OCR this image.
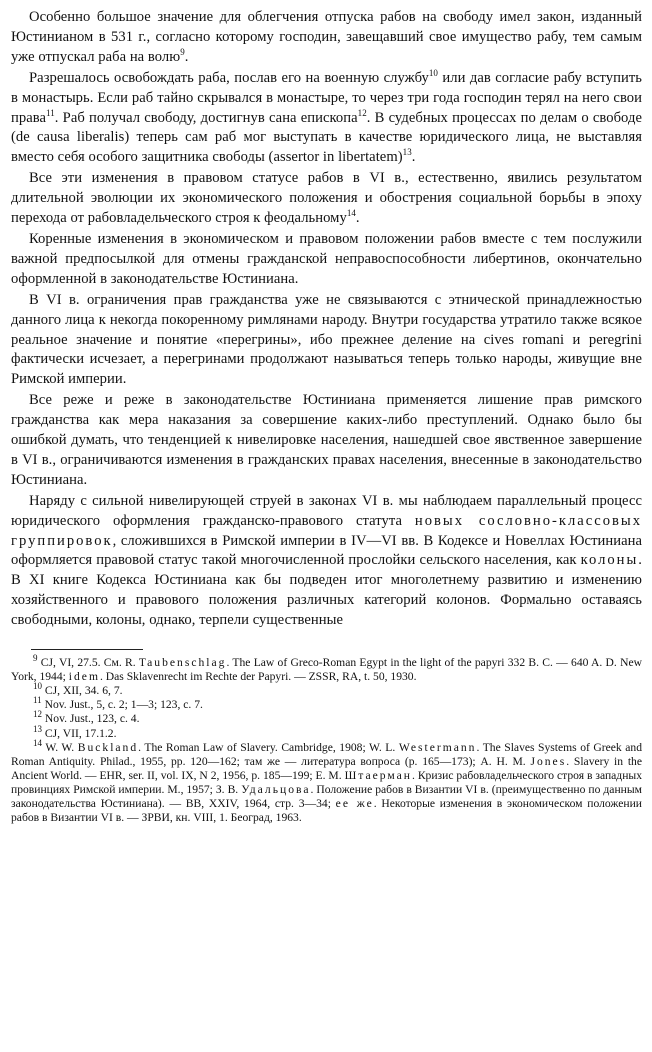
Особенно большое значение для облегчения отпуска рабов на свободу имел закон, изданный Юстинианом в 531 г., согласно которому господин, завещавший свое имущество рабу, тем самым уже отпускал раба на волю$^9$.

Разрешалось освобождать раба, послав его на военную службу$^{10}$ или дав согласие рабу вступить в монастырь. Если раб тайно скрывался в монастыре, то через три года господин терял на него свои права$^{11}$. Раб получал свободу, достигнув сана епископа$^{12}$. В судебных процессах по делам о свободе (de causa liberalis) теперь сам раб мог выступать в качестве юридического лица, не выставляя вместо себя особого защитника свободы (assertor in libertatem)$^{13}$.

Все эти изменения в правовом статусе рабов в VI в., естественно, явились результатом длительной эволюции их экономического положения и обострения социальной борьбы в эпоху перехода от рабовладельческого строя к феодальному$^{14}$.

Коренные изменения в экономическом и правовом положении рабов вместе с тем послужили важной предпосылкой для отмены гражданской неправоспособности либертинов, окончательно оформленной в законодательстве Юстиниана.

В VI в. ограничения прав гражданства уже не связываются с этнической принадлежностью данного лица к некогда покоренному римлянами народу. Внутри государства утратило также всякое реальное значение и понятие «перегрины», ибо прежнее деление на cives romani и peregrini фактически исчезает, а перегринами продолжают называться теперь только народы, живущие вне Римской империи.

Все реже и реже в законодательстве Юстиниана применяется лишение прав римского гражданства как мера наказания за совершение каких-либо преступлений. Однако было бы ошибкой думать, что тенденцией к нивелировке населения, нашедшей свое явственное завершение в VI в., ограничиваются изменения в гражданских правах населения, внесенные в законодательство Юстиниана.

Наряду с сильной нивелирующей струей в законах VI в. мы наблюдаем параллельный процесс юридического оформления гражданско-правового статута новых сословно-классовых группировок, сложившихся в Римской империи в IV—VI вв. В Кодексе и Новеллах Юстиниана оформляется правовой статус такой многочисленной прослойки сельского населения, как колоны. В XI книге Кодекса Юстиниана как бы подведен итог многолетнему развитию и изменению хозяйственного и правового положения различных категорий колонов. Формально оставаясь свободными, колоны, однако, терпели существенные

$^9$ CJ, VI, 27.5. См. R. Taubenschlag. The Law of Greco-Roman Egypt in the light of the papyri 332 B. C. — 640 A. D. New York, 1944; idem. Das Sklavenrecht im Rechte der Papyri. — ZSSR, RA, t. 50, 1930.

$^{10}$ CJ, XII, 34. 6, 7.

$^{11}$ Nov. Just., 5, c. 2; 1—3; 123, c. 7.

$^{12}$ Nov. Just., 123, c. 4.

$^{13}$ CJ, VII, 17.1.2.

$^{14}$ W. W. Buckland. The Roman Law of Slavery. Cambridge, 1908; W. L. Westermann. The Slaves Systems of Greek and Roman Antiquity. Philad., 1955, pp. 120—162; там же — литература вопроса (р. 165—173); A. H. M. Jones. Slavery in the Ancient World. — EHR, ser. II, vol. IX, N 2, 1956, p. 185—199; Е. М. Штаерман. Кризис рабовладельческого строя в западных провинциях Римской империи. М., 1957; З. В. Удальцова. Положение рабов в Византии VI в. (преимущественно по данным законодательства Юстиниана). — ВВ, XXIV, 1964, стр. 3—34; ее же. Некоторые изменения в экономическом положении рабов в Византии VI в. — ЗРВИ, кн. VIII, 1. Београд, 1963.
